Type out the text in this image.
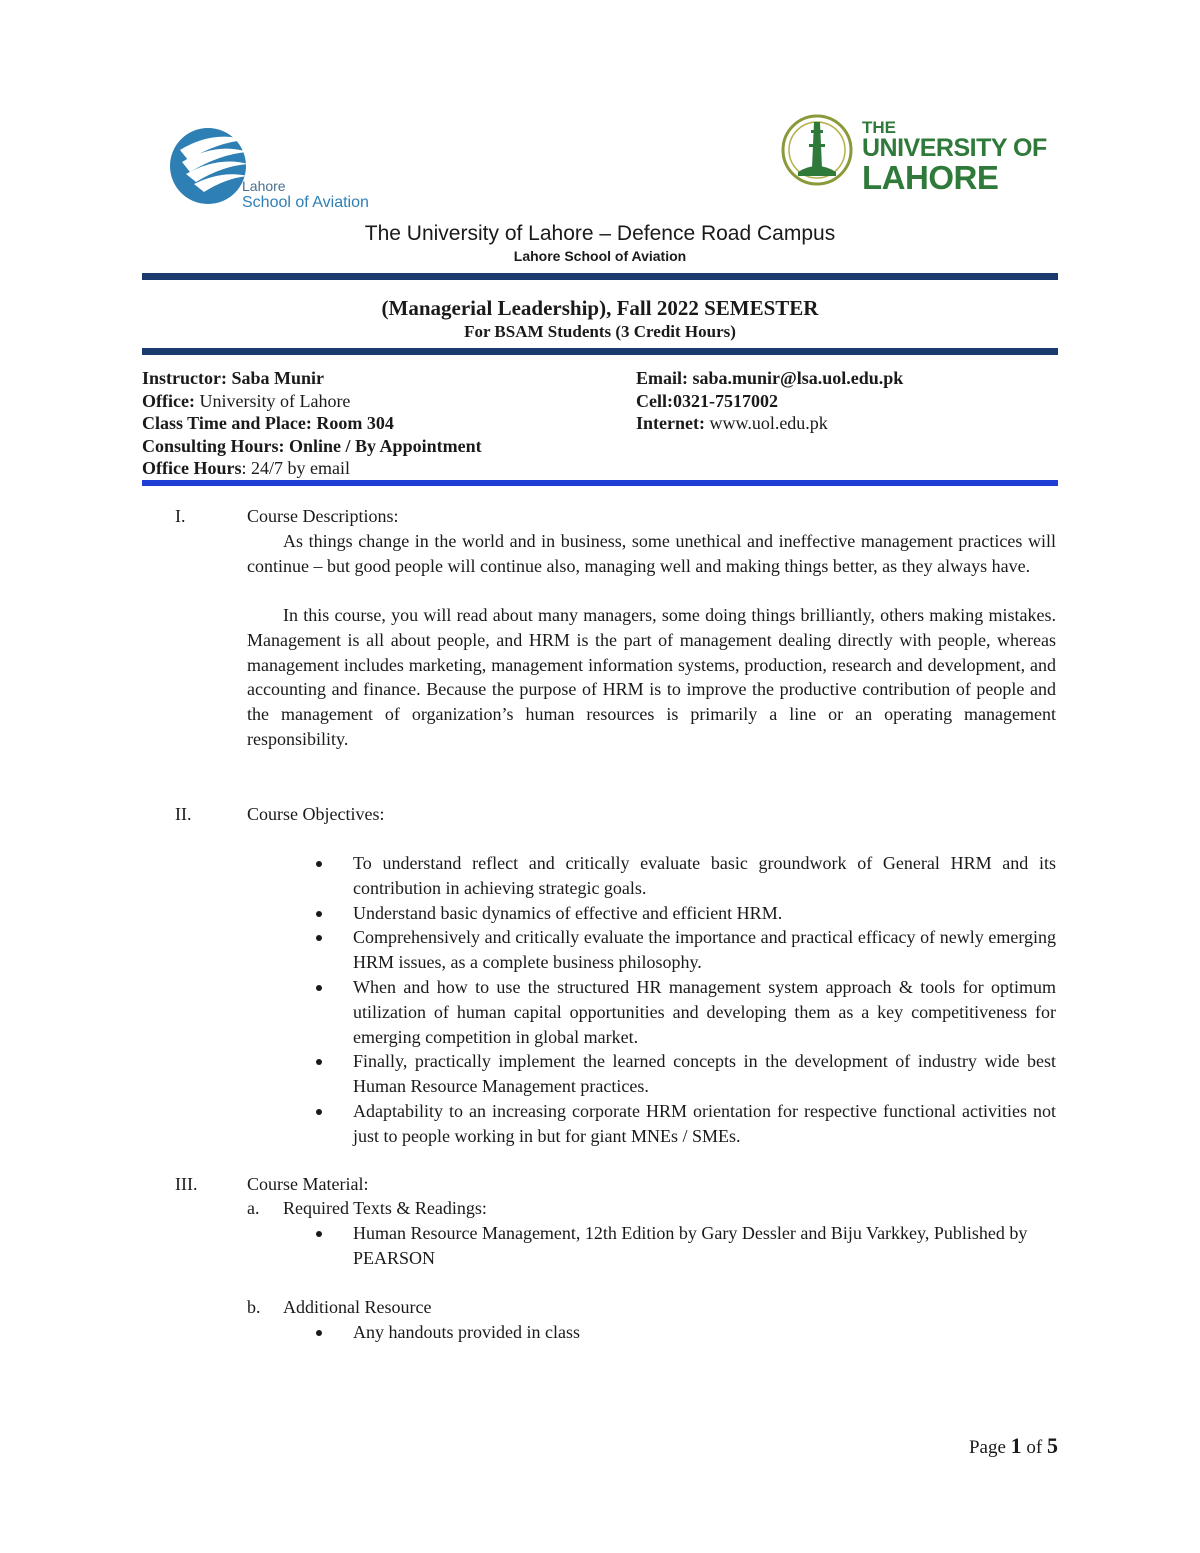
Lahore
School of Aviation
THE
UNIVERSITY OF
LAHORE
The University of Lahore – Defence Road Campus
Lahore School of Aviation
(Managerial Leadership), Fall 2022 SEMESTER
For BSAM Students (3 Credit Hours)
Instructor: Saba Munir
Office: University of Lahore
Class Time and Place: Room 304
Consulting Hours: Online / By Appointment
Office Hours: 24/7 by email
Email: saba.munir@lsa.uol.edu.pk
Cell:0321-7517002
Internet: www.uol.edu.pk
I.	Course Descriptions:
As things change in the world and in business, some unethical and ineffective management practices will continue – but good people will continue also, managing well and making things better, as they always have.
In this course, you will read about many managers, some doing things brilliantly, others making mistakes. Management is all about people, and HRM is the part of management dealing directly with people, whereas management includes marketing, management information systems, production, research and development, and accounting and finance. Because the purpose of HRM is to improve the productive contribution of people and the management of organization’s human resources is primarily a line or an operating management responsibility.
II.	Course Objectives:
To understand reflect and critically evaluate basic groundwork of General HRM and its contribution in achieving strategic goals.
Understand basic dynamics of effective and efficient HRM.
Comprehensively and critically evaluate the importance and practical efficacy of newly emerging HRM issues, as a complete business philosophy.
When and how to use the structured HR management system approach & tools for optimum utilization of human capital opportunities and developing them as a key competitiveness for emerging competition in global market.
Finally, practically implement the learned concepts in the development of industry wide best Human Resource Management practices.
Adaptability to an increasing corporate HRM orientation for respective functional activities not just to people working in but for giant MNEs / SMEs.
III.	Course Material:
a. Required Texts & Readings:
Human Resource Management, 12th Edition by Gary Dessler and Biju Varkkey, Published by PEARSON
b. Additional Resource
Any handouts provided in class
Page 1 of 5
